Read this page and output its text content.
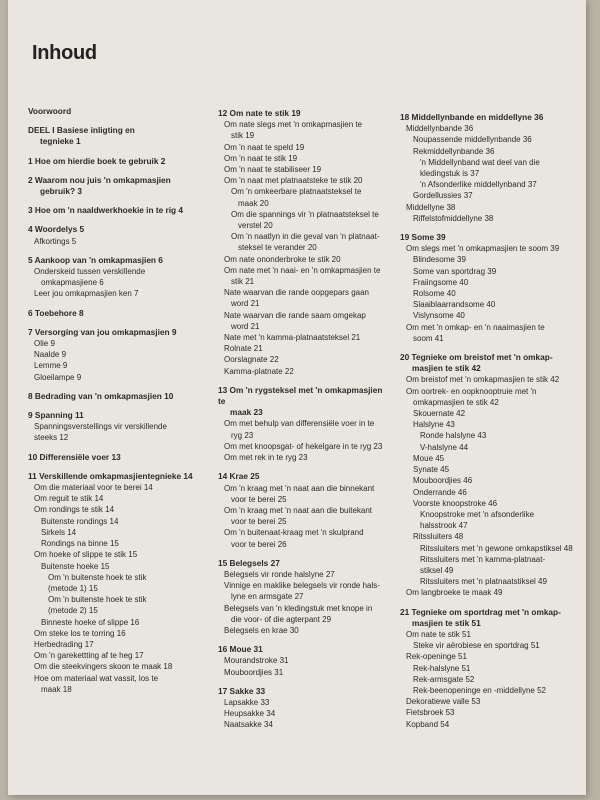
Inhoud
Voorwoord
DEEL I Basiese inligting en
tegnieke 1
1 Hoe om hierdie boek te gebruik 2
2 Waarom nou juis 'n omkapmasjien
gebruik? 3
3 Hoe om 'n naaldwerkhoekie in te rig 4
4 Woordelys 5
Afkortings 5
5 Aankoop van 'n omkapmasjien 6
Onderskeid tussen verskillende
omkapmasjiene 6
Leer jou omkapmasjien ken 7
6 Toebehore 8
7 Versorging van jou omkapmasjien 9
Olie 9
Naalde 9
Lemme 9
Gloeilampe 9
8 Bedrading van 'n omkapmasjien 10
9 Spanning 11
Spanningsverstellings vir verskillende
steeks 12
10 Differensiële voer 13
11 Verskillende omkapmasjientegnieke 14
Om die materiaal voor te berei 14
Om reguit te stik 14
Om rondings te stik 14
Buitenste rondings 14
Sirkels 14
Rondings na binne 15
Om hoeke of slippe te stik 15
Buitenste hoeke 15
Om 'n buitenste hoek te stik
(metode 1) 15
Om 'n buitenste hoek te stik
(metode 2) 15
Binneste hoeke of slippe 16
Om steke los te torring 16
Herbedrading 17
Om 'n garekettting af te heg 17
Om die steekvingers skoon te maak 18
Hoe om materiaal wat vassit, los te
maak 18
12 Om nate te stik 19
Om nate slegs met 'n omkapmasjien te
stik 19
Om 'n naat te speld 19
Om 'n naat te stik 19
Om 'n naat te stabiliseer 19
Om 'n naat met platnaatsteke te stik 20
Om 'n omkeerbare platnaatsteksel te
maak 20
Om die spannings vir 'n platnaatsteksel te
verstel 20
Om 'n naatlyn in die geval van 'n platnaat-
steksel te verander 20
Om nate ononderbroke te stik 20
Om nate met 'n naai- en 'n omkapmasjien te
stik 21
Nate waarvan die rande oopgepars gaan
word 21
Nate waarvan die rande saam omgekap
word 21
Nate met 'n kamma-platnaatsteksel 21
Rolnate 21
Oorslagnate 22
Kamma-platnate 22
13 Om 'n rygsteksel met 'n omkapmasjien te
maak 23
Om met behulp van differensiële voer in te
ryg 23
Om met knoopsgat- of hekelgare in te ryg 23
Om met rek in te ryg 23
14 Krae 25
Om 'n kraag met 'n naat aan die binnekant
voor te berei 25
Om 'n kraag met 'n naat aan die buitekant
voor te berei 25
Om 'n buitenaat-kraag met 'n skulprand
voor te berei 26
15 Belegsels 27
Belegsels vir ronde halslyne 27
Vinnige en maklike belegsels vir ronde hals-
lyne en armsgate 27
Belegsels van 'n kledingstuk met knope in
die voor- of die agterpant 29
Belegsels en krae 30
16 Moue 31
Mourandstroke 31
Mouboordjies 31
17 Sakke 33
Lapsakke 33
Heupsakke 34
Naatsakke 34
18 Middellynbande en middellyne 36
Middellynbande 36
Noupassende middellynbande 36
Rekmiddellynbande 36
'n Middellynband wat deel van die
kledingstuk is 37
'n Afsonderlike middellynband 37
Gordellussies 37
Middellyne 38
Riffelstofmiddellyne 38
19 Some 39
Om slegs met 'n omkapmasjien te soom 39
Blindesome 39
Some van sportdrag 39
Fraiingsome 40
Rolsome 40
Slaaiblaarrandsome 40
Vislynsome 40
Om met 'n omkap- en 'n naaimasjien te
soom 41
20 Tegnieke om breistof met 'n omkap-
masjien te stik 42
Om breistof met 'n omkapmasjien te stik 42
Om oortrek- en oopknooptruie met 'n
omkapmasjien te stik 42
Skouernate 42
Halslyne 43
Ronde halslyne 43
V-halslyne 44
Moue 45
Synate 45
Mouboordjies 46
Onderrande 46
Voorste knoopstroke 46
Knoopstroke met 'n afsonderlike
halsstrook 47
Ritssluiters 48
Ritssluiters met 'n gewone omkapstiksel 48
Ritssluiters met 'n kamma-platnaat-
stiksel 49
Ritssluiters met 'n platnaatstiksel 49
Om langbroeke te maak 49
21 Tegnieke om sportdrag met 'n omkap-
masjien te stik 51
Om nate te stik 51
Steke vir aërobiese en sportdrag 51
Rek-openinge 51
Rek-halslyne 51
Rek-armsgate 52
Rek-beenopeninge en -middellyne 52
Dekoratiewe valle 53
Fietsbroek 53
Kopband 54
